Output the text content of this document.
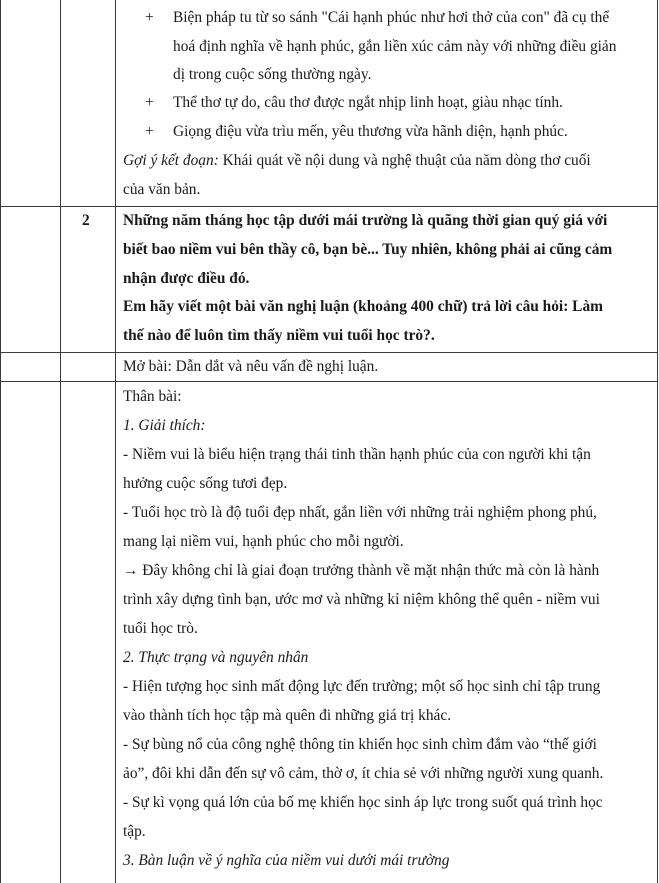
+ Biện pháp tu từ so sánh "Cái hạnh phúc như hơi thở của con" đã cụ thể
hoá định nghĩa về hạnh phúc, gắn liền xúc cảm này với những điều giản
dị trong cuộc sống thường ngày.
+ Thể thơ tự do, câu thơ được ngắt nhịp linh hoạt, giàu nhạc tính.
+ Giọng điệu vừa trìu mến, yêu thương vừa hãnh diện, hạnh phúc.
Gợi ý kết đoạn: Khái quát về nội dung và nghệ thuật của năm dòng thơ cuối
của văn bản.
2 Những năm tháng học tập dưới mái trường là quãng thời gian quý giá với
biết bao niềm vui bên thầy cô, bạn bè... Tuy nhiên, không phải ai cũng cảm
nhận được điều đó.
Em hãy viết một bài văn nghị luận (khoảng 400 chữ) trả lời câu hỏi: Làm
thế nào để luôn tìm thấy niềm vui tuổi học trò?.
Mở bài: Dẫn dắt và nêu vấn đề nghị luận.
Thân bài:
1. Giải thích:
- Niềm vui là biểu hiện trạng thái tinh thần hạnh phúc của con người khi tận
hưởng cuộc sống tươi đẹp.
- Tuổi học trò là độ tuổi đẹp nhất, gắn liền với những trải nghiệm phong phú,
mang lại niềm vui, hạnh phúc cho mỗi người.
→ Đây không chỉ là giai đoạn trưởng thành về mặt nhận thức mà còn là hành
trình xây dựng tình bạn, ước mơ và những kỉ niệm không thể quên - niềm vui
tuổi học trò.
2. Thực trạng và nguyên nhân
- Hiện tượng học sinh mất động lực đến trường; một số học sinh chỉ tập trung
vào thành tích học tập mà quên đi những giá trị khác.
- Sự bùng nổ của công nghệ thông tin khiến học sinh chìm đắm vào “thế giới
ảo”, đôi khi dẫn đến sự vô cảm, thờ ơ, ít chia sẻ với những người xung quanh.
- Sự kì vọng quá lớn của bố mẹ khiến học sinh áp lực trong suốt quá trình học
tập.
3. Bàn luận về ý nghĩa của niềm vui dưới mái trường
